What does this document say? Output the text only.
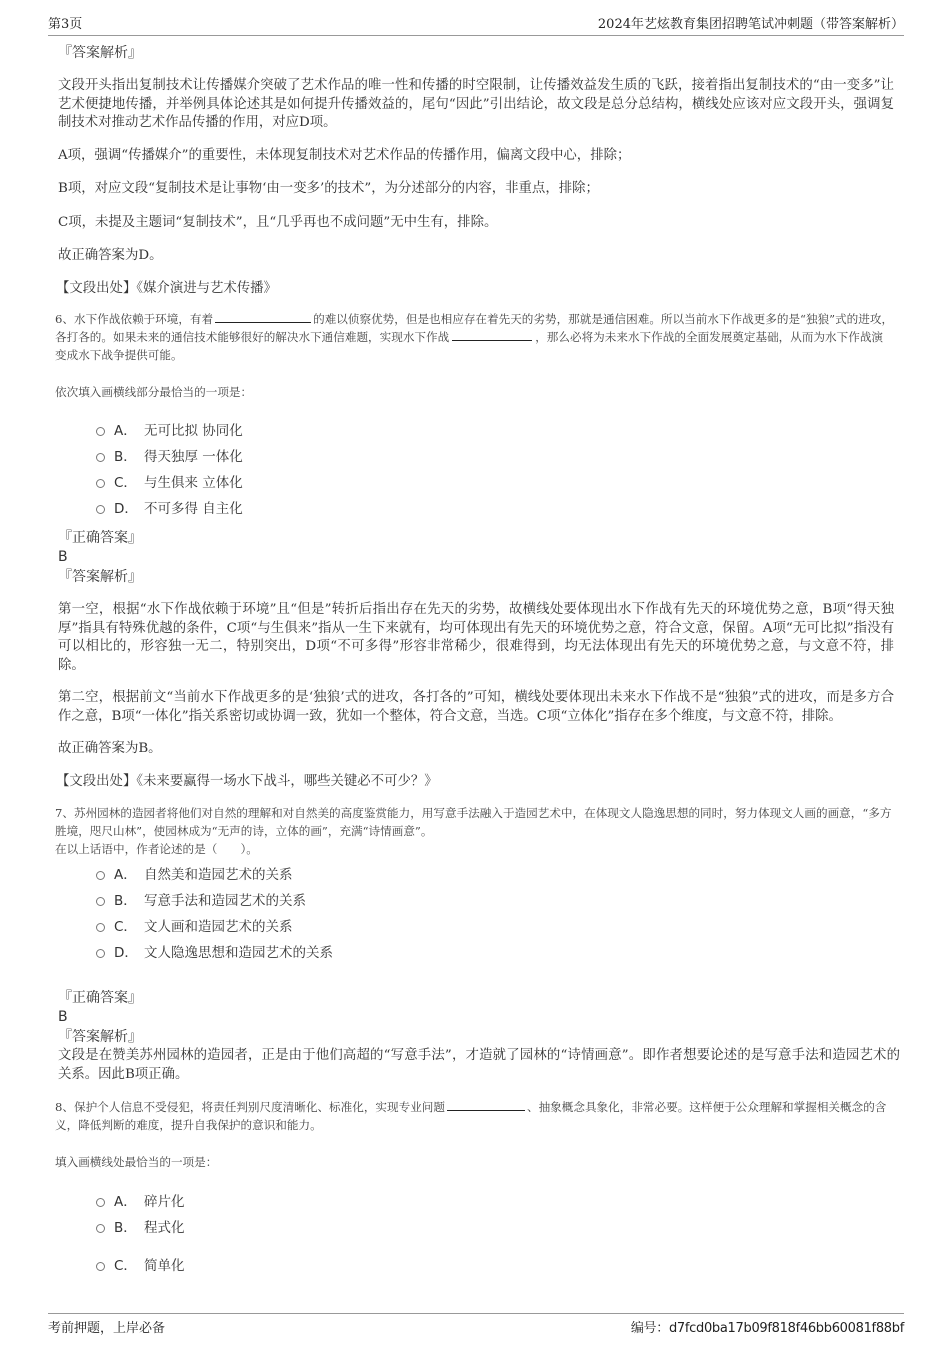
第3页	2024年艺炫教育集团招聘笔试冲刺题（带答案解析）

『答案解析』

文段开头指出复制技术让传播媒介突破了艺术作品的唯一性和传播的时空限制，让传播效益发生质的飞跃，接着指出复制技术的“由一变多”让艺术便捷地传播，并举例具体论述其是如何提升传播效益的，尾句“因此”引出结论，故文段是总分总结构，横线处应该对应文段开头，强调复制技术对推动艺术作品传播的作用，对应D项。

A项，强调“传播媒介”的重要性，未体现复制技术对艺术作品的传播作用，偏离文段中心，排除；

B项，对应文段“复制技术是让事物‘由一变多’的技术”，为分述部分的内容，非重点，排除；

C项，未提及主题词“复制技术”，且“几乎再也不成问题”无中生有，排除。

故正确答案为D。

【文段出处】《媒介演进与艺术传播》

6、水下作战依赖于环境，有着	的难以侦察优势，但是也相应存在着先天的劣势，那就是通信困难。所以当前水下作战更多的是“独狼”式的进攻，各打各的。如果未来的通信技术能够很好的解决水下通信难题，实现水下作战	，那么必将为未来水下作战的全面发展奠定基础，从而为水下作战演变成水下战争提供可能。

依次填入画横线部分最恰当的一项是：

A． 无可比拟 协同化
B． 得天独厚 一体化
C． 与生俱来 立体化
D． 不可多得 自主化

『正确答案』

B

『答案解析』

第一空，根据“水下作战依赖于环境”且“但是”转折后指出存在先天的劣势，故横线处要体现出水下作战有先天的环境优势之意，B项“得天独厚”指具有特殊优越的条件，C项“与生俱来”指从一生下来就有，均可体现出有先天的环境优势之意，符合文意，保留。A项“无可比拟”指没有可以相比的，形容独一无二，特别突出，D项“不可多得”形容非常稀少，很难得到，均无法体现出有先天的环境优势之意，与文意不符，排除。

第二空，根据前文“当前水下作战更多的是‘独狼’式的进攻，各打各的”可知，横线处要体现出未来水下作战不是“独狼”式的进攻，而是多方合作之意，B项“一体化”指关系密切或协调一致，犹如一个整体，符合文意，当选。C项“立体化”指存在多个维度，与文意不符，排除。

故正确答案为B。

【文段出处】《未来要赢得一场水下战斗，哪些关键必不可少？》

7、苏州园林的造园者将他们对自然的理解和对自然美的高度鉴赏能力，用写意手法融入于造园艺术中，在体现文人隐逸思想的同时，努力体现文人画的画意，“多方胜境，咫尺山林”，使园林成为“无声的诗，立体的画”，充满“诗情画意”。

在以上话语中，作者论述的是（　　）。

A． 自然美和造园艺术的关系
B． 写意手法和造园艺术的关系
C． 文人画和造园艺术的关系
D． 文人隐逸思想和造园艺术的关系

『正确答案』

B

『答案解析』

文段是在赞美苏州园林的造园者，正是由于他们高超的“写意手法”，才造就了园林的“诗情画意”。即作者想要论述的是写意手法和造园艺术的关系。因此B项正确。

8、保护个人信息不受侵犯，将责任判别尺度清晰化、标准化，实现专业问题	、抽象概念具象化，非常必要。这样便于公众理解和掌握相关概念的含义，降低判断的难度，提升自我保护的意识和能力。

填入画横线处最恰当的一项是：

A． 碎片化
B． 程式化
C． 简单化
考前押题，上岸必备	编号：d7fcd0ba17b09f818f46bb60081f88bf
